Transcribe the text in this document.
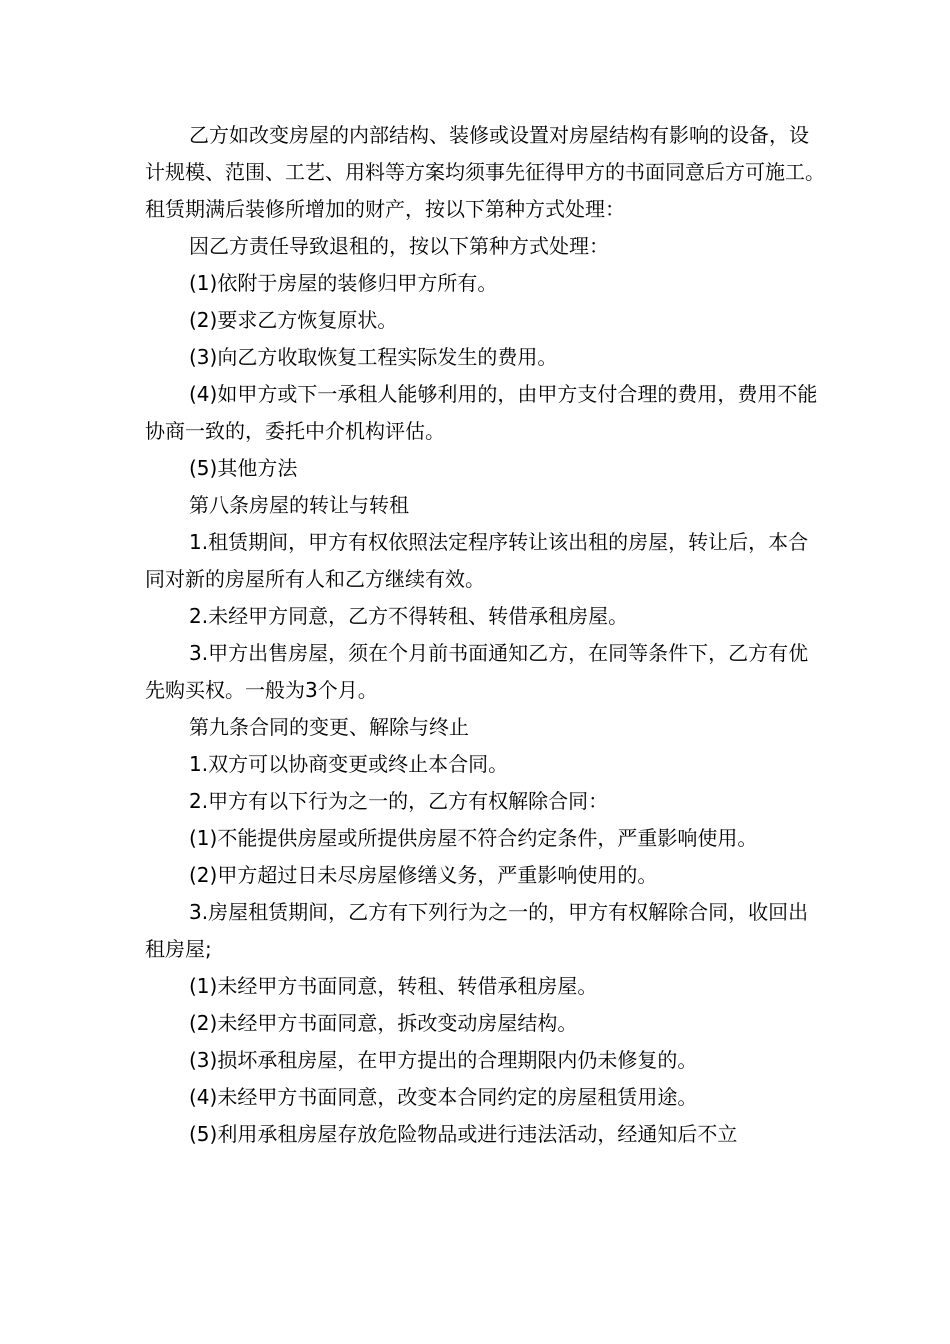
乙方如改变房屋的内部结构、装修或设置对房屋结构有影响的设备，设计规模、范围、工艺、用料等方案均须事先征得甲方的书面同意后方可施工。租赁期满后装修所增加的财产，按以下第种方式处理：

因乙方责任导致退租的，按以下第种方式处理：

(1)依附于房屋的装修归甲方所有。

(2)要求乙方恢复原状。

(3)向乙方收取恢复工程实际发生的费用。

(4)如甲方或下一承租人能够利用的，由甲方支付合理的费用，费用不能协商一致的，委托中介机构评估。

(5)其他方法

第八条房屋的转让与转租

1.租赁期间，甲方有权依照法定程序转让该出租的房屋，转让后，本合同对新的房屋所有人和乙方继续有效。

2.未经甲方同意，乙方不得转租、转借承租房屋。

3.甲方出售房屋，须在个月前书面通知乙方，在同等条件下，乙方有优先购买权。一般为3个月。

第九条合同的变更、解除与终止

1.双方可以协商变更或终止本合同。

2.甲方有以下行为之一的，乙方有权解除合同：

(1)不能提供房屋或所提供房屋不符合约定条件，严重影响使用。

(2)甲方超过日未尽房屋修缮义务，严重影响使用的。

3.房屋租赁期间，乙方有下列行为之一的，甲方有权解除合同，收回出租房屋;

(1)未经甲方书面同意，转租、转借承租房屋。

(2)未经甲方书面同意，拆改变动房屋结构。

(3)损坏承租房屋，在甲方提出的合理期限内仍未修复的。

(4)未经甲方书面同意，改变本合同约定的房屋租赁用途。

(5)利用承租房屋存放危险物品或进行违法活动，经通知后不立
